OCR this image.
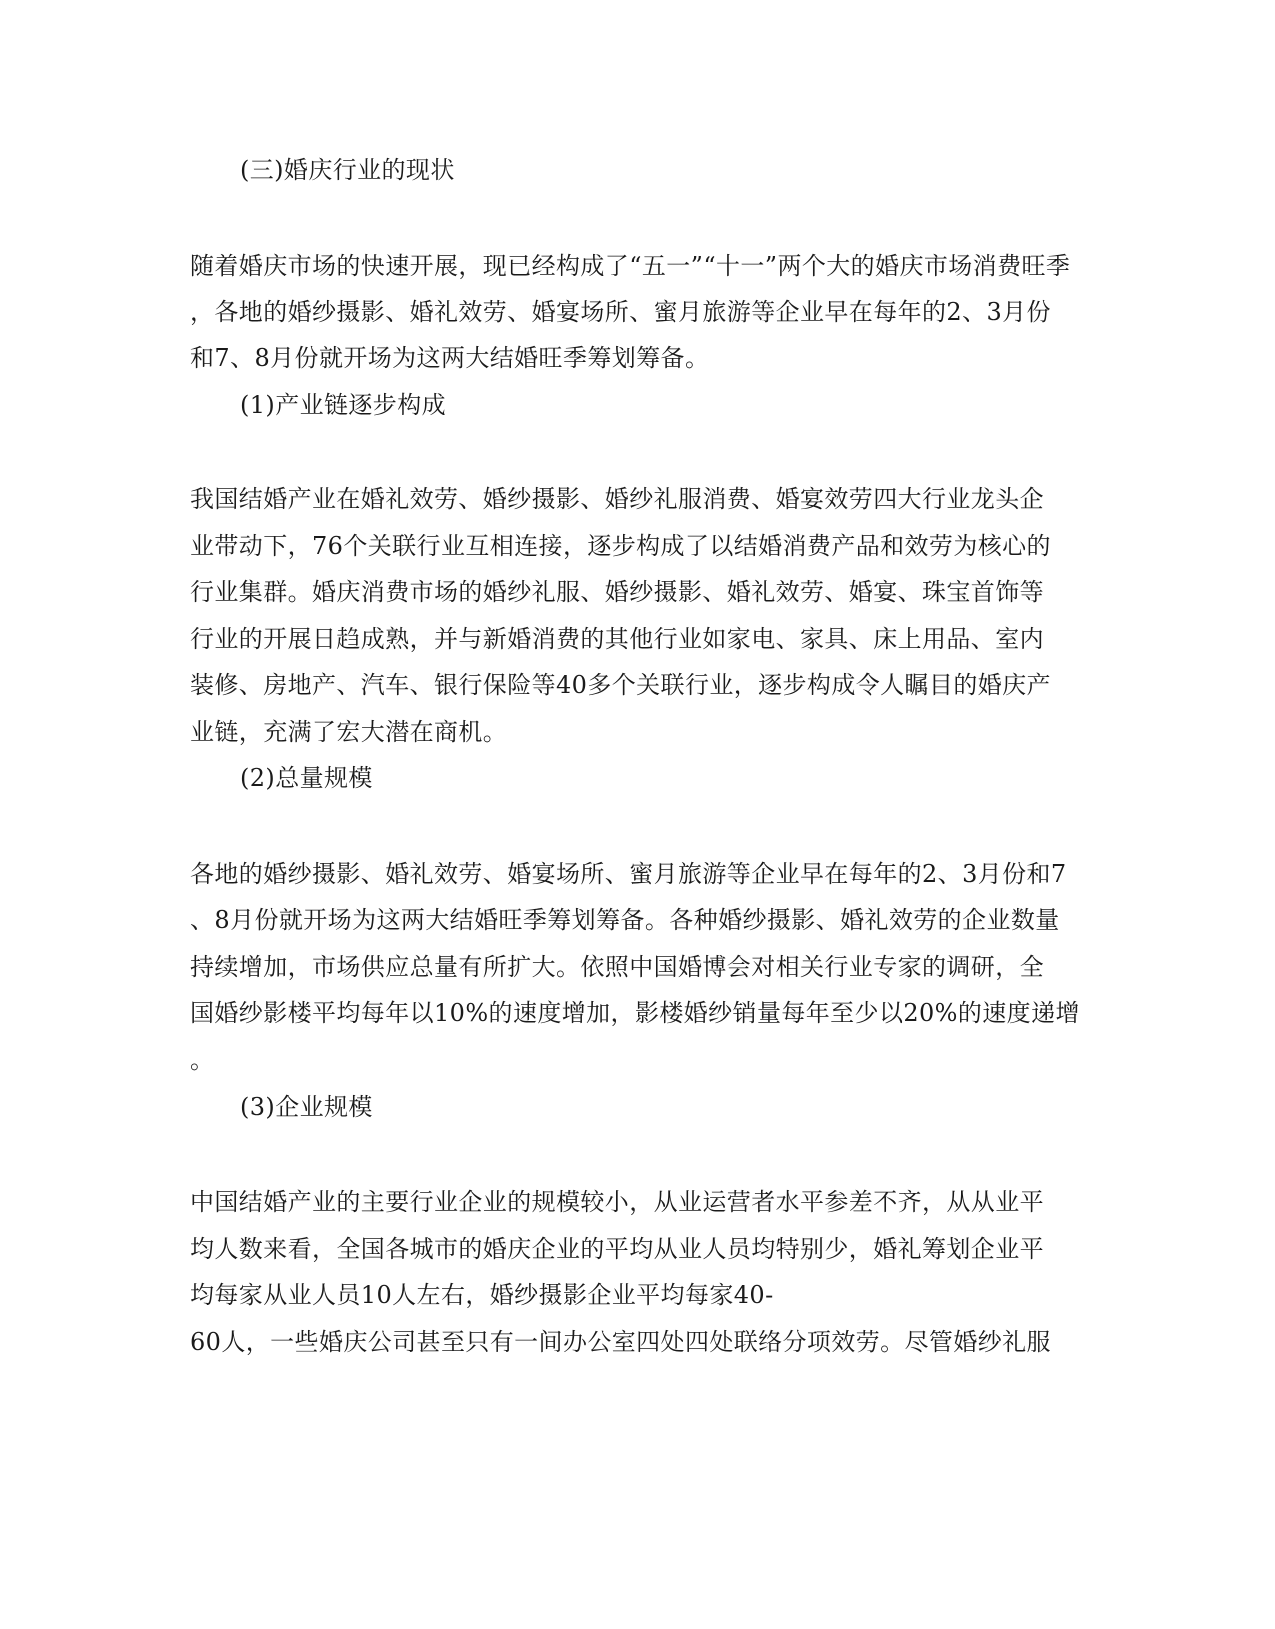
(三)婚庆行业的现状
随着婚庆市场的快速开展，现已经构成了“五一”“十一”两个大的婚庆市场消费旺季
，各地的婚纱摄影、婚礼效劳、婚宴场所、蜜月旅游等企业早在每年的2、3月份
和7、8月份就开场为这两大结婚旺季筹划筹备。
(1)产业链逐步构成
我国结婚产业在婚礼效劳、婚纱摄影、婚纱礼服消费、婚宴效劳四大行业龙头企
业带动下，76个关联行业互相连接，逐步构成了以结婚消费产品和效劳为核心的
行业集群。婚庆消费市场的婚纱礼服、婚纱摄影、婚礼效劳、婚宴、珠宝首饰等
行业的开展日趋成熟，并与新婚消费的其他行业如家电、家具、床上用品、室内
装修、房地产、汽车、银行保险等40多个关联行业，逐步构成令人瞩目的婚庆产
业链，充满了宏大潜在商机。
(2)总量规模
各地的婚纱摄影、婚礼效劳、婚宴场所、蜜月旅游等企业早在每年的2、3月份和7
、8月份就开场为这两大结婚旺季筹划筹备。各种婚纱摄影、婚礼效劳的企业数量
持续增加，市场供应总量有所扩大。依照中国婚博会对相关行业专家的调研，全
国婚纱影楼平均每年以10%的速度增加，影楼婚纱销量每年至少以20%的速度递增
。
(3)企业规模
中国结婚产业的主要行业企业的规模较小，从业运营者水平参差不齐，从从业平
均人数来看，全国各城市的婚庆企业的平均从业人员均特别少，婚礼筹划企业平
均每家从业人员10人左右，婚纱摄影企业平均每家40-
60人，一些婚庆公司甚至只有一间办公室四处四处联络分项效劳。尽管婚纱礼服
